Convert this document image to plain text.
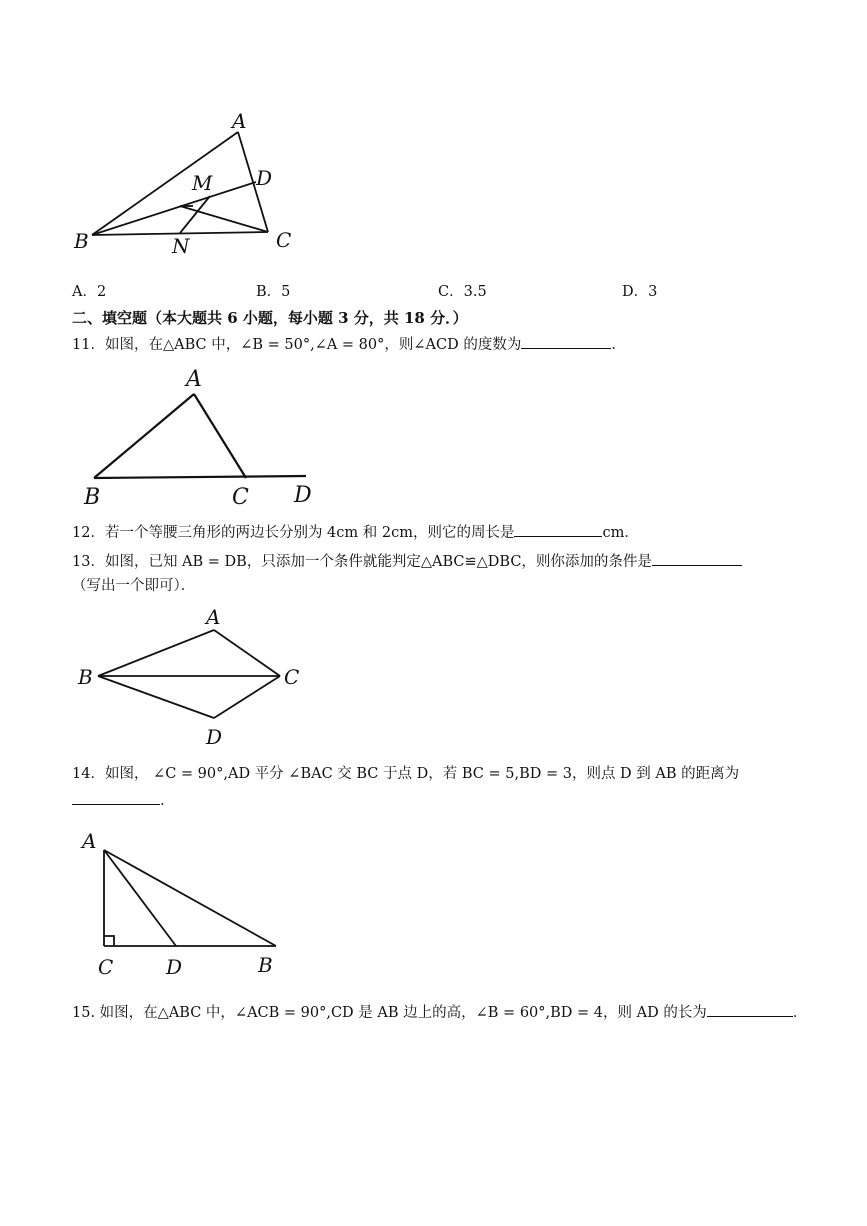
A
B	C
D
M
N
A．2	B．5	C．3.5	D．3
二、填空题（本大题共 6 小题，每小题 3 分，共 18 分．）
11．如图，在△ABC 中，∠B = 50°,∠A = 80°，则∠ACD 的度数为	．
A
B	C D
12．若一个等腰三角形的两边长分别为 4cm 和 2cm，则它的周长是	cm．
13．如图，已知 AB = DB，只添加一个条件就能判定△ABC≌△DBC，则你添加的条件是
（写出一个即可）．
A
B	C
D
14．如图， ∠C = 90°,AD 平分 ∠BAC 交 BC 于点 D，若 BC = 5,BD = 3，则点 D 到 AB 的距离为
．
A
C	D	B
15. 如图，在△ABC 中，∠ACB = 90°,CD 是 AB 边上的高，∠B = 60°,BD = 4，则 AD 的长为	．
